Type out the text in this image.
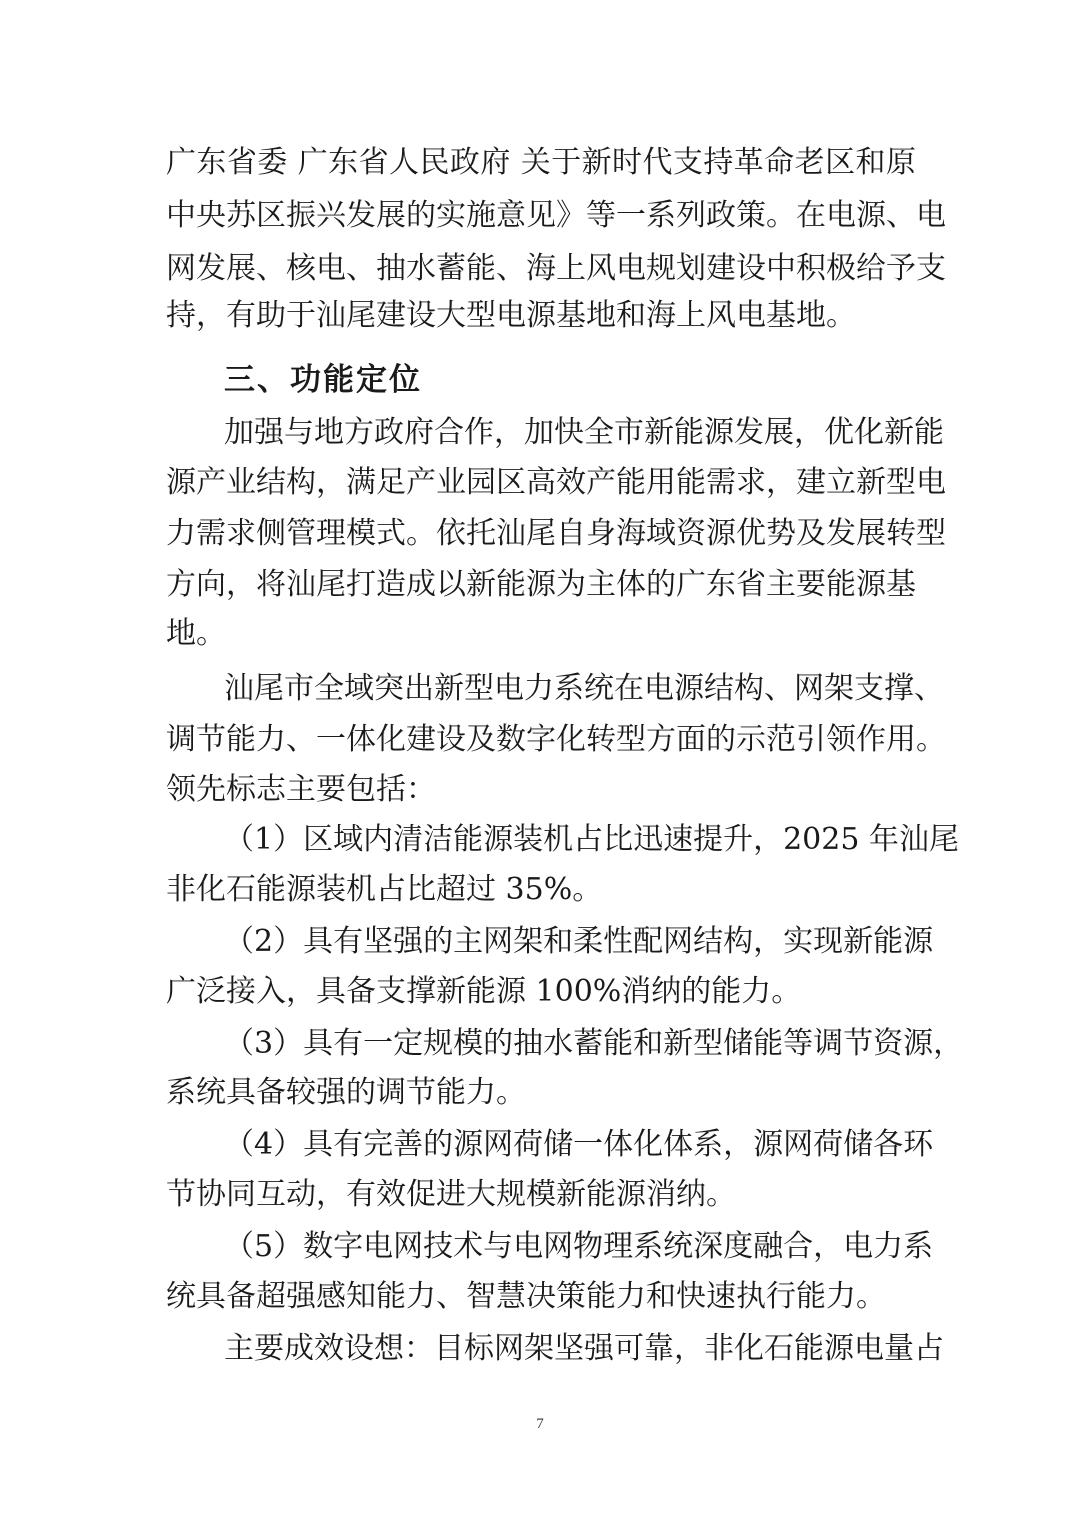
广东省委 广东省人民政府 关于新时代支持革命老区和原
中央苏区振兴发展的实施意见》等一系列政策。在电源、电
网发展、核电、抽水蓄能、海上风电规划建设中积极给予支
持，有助于汕尾建设大型电源基地和海上风电基地。
三、功能定位
加强与地方政府合作，加快全市新能源发展，优化新能
源产业结构，满足产业园区高效产能用能需求，建立新型电
力需求侧管理模式。依托汕尾自身海域资源优势及发展转型
方向，将汕尾打造成以新能源为主体的广东省主要能源基
地。
汕尾市全域突出新型电力系统在电源结构、网架支撑、
调节能力、一体化建设及数字化转型方面的示范引领作用。
领先标志主要包括：
（1）区域内清洁能源装机占比迅速提升，2025 年汕尾
非化石能源装机占比超过 35%。
（2）具有坚强的主网架和柔性配网结构，实现新能源
广泛接入，具备支撑新能源 100%消纳的能力。
（3）具有一定规模的抽水蓄能和新型储能等调节资源，
系统具备较强的调节能力。
（4）具有完善的源网荷储一体化体系，源网荷储各环
节协同互动，有效促进大规模新能源消纳。
（5）数字电网技术与电网物理系统深度融合，电力系
统具备超强感知能力、智慧决策能力和快速执行能力。
主要成效设想：目标网架坚强可靠，非化石能源电量占
7
